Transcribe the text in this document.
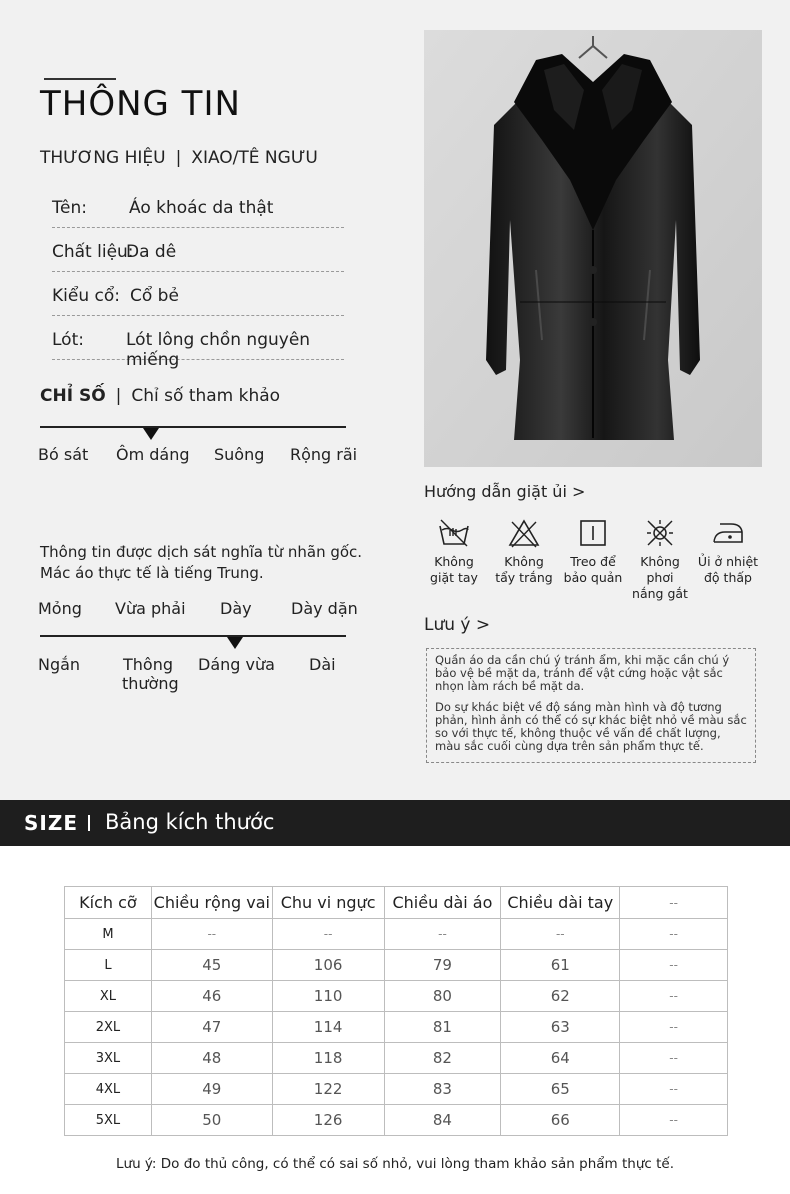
THÔNG TIN
THƯƠNG HIỆU | XIAO/TÊ NGƯU
Tên: Áo khoác da thật
Chất liệu:
Da dê
Kiểu cổ: Cổ bẻ
Lót: Lót lông chồn nguyên miếng
CHỈ SỐ | Chỉ số tham khảo
Bó sát Ôm dáng Suông Rộng rãi
Thông tin được dịch sát nghĩa từ nhãn gốc.
Mác áo thực tế là tiếng Trung.
Mỏng Vừa phải Dày Dày dặn
Ngắn	Thông thường
Dáng vừa Dài
Hướng dẫn giặt ủi >
Không
giặt tay
Không
tẩy trắng
Treo để
bảo quản
Không phơi
nắng gắt
Ủi ở nhiệt
độ thấp
Lưu ý >

Quần áo da cần chú ý tránh ẩm, khi mặc cần chú ý bảo vệ bề mặt da, tránh để vật cứng hoặc vật sắc nhọn làm rách bề mặt da.

Do sự khác biệt về độ sáng màn hình và độ tương phản, hình ảnh có thể có sự khác biệt nhỏ về màu sắc so với thực tế, không thuộc về vấn đề chất lượng, màu sắc cuối cùng dựa trên sản phẩm thực tế.

SIZE Bảng kích thước
Kích cỡ	Chiều rộng vai	Chu vi ngực	Chiều dài áo	Chiều dài tay	--
M	--	--	--	--	--
L	45	106	79	61	--
XL	46	110	80	62	--
2XL	47	114	81	63	--
3XL	48	118	82	64	--
4XL	49	122	83	65	--
5XL	50	126	84	66	--
Lưu ý: Do đo thủ công, có thể có sai số nhỏ, vui lòng tham khảo sản phẩm thực tế.
